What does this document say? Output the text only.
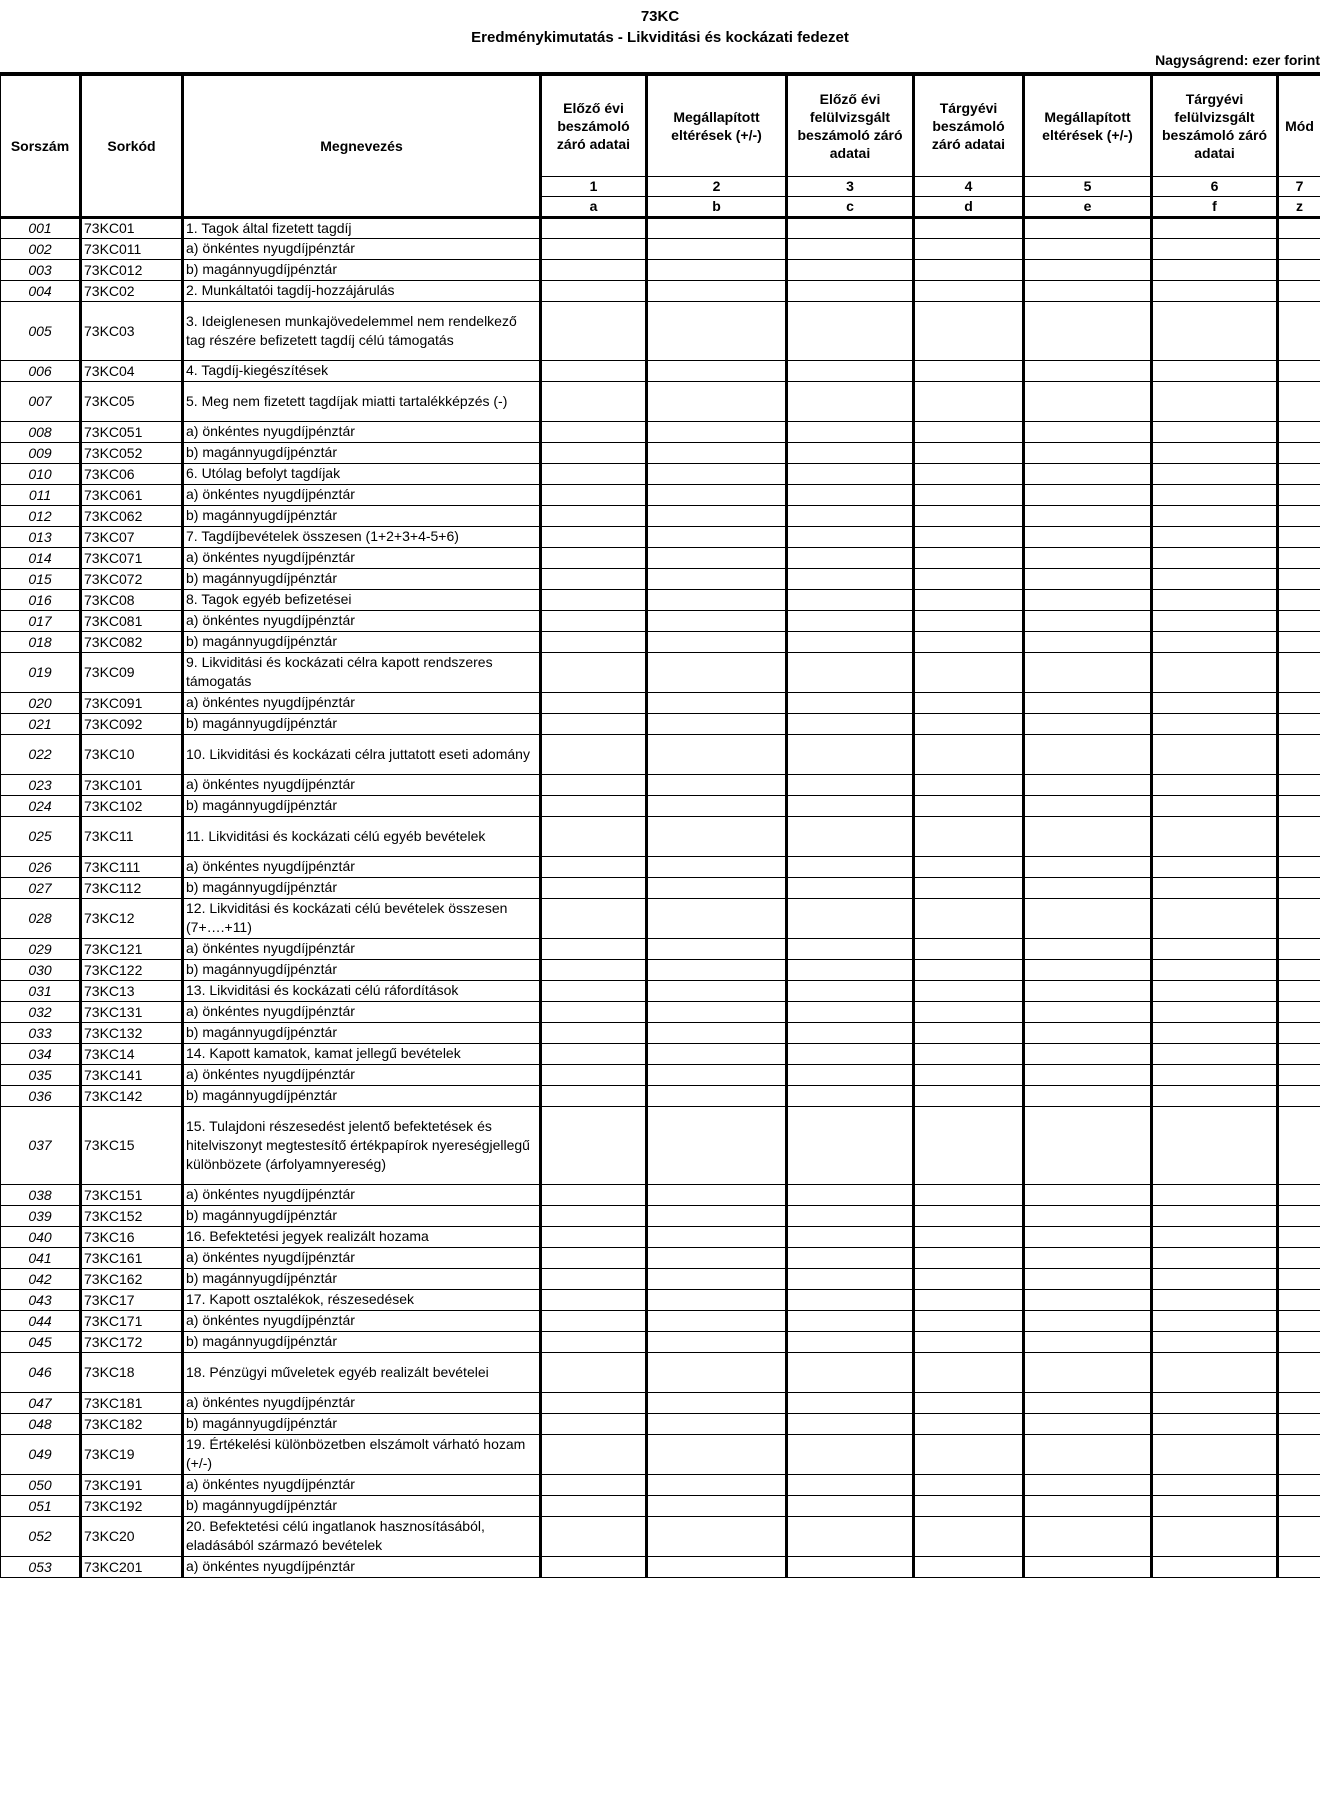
73KC
Eredménykimutatás - Likviditási és kockázati fedezet
Nagyságrend: ezer forint
Sorszám	Sorkód	Megnevezés	Előző évi beszámoló záró adatai	Megállapított eltérések (+/-)	Előző évi felülvizsgált beszámoló záró adatai	Tárgyévi beszámoló záró adatai	Megállapított eltérések (+/-)	Tárgyévi felülvizsgált beszámoló záró adatai	Mód
			1	2	3	4	5	6	7
			a	b	c	d	e	f	z
001	73KC01	1. Tagok által fizetett tagdíj							
002	73KC011	a) önkéntes nyugdíjpénztár							
003	73KC012	b) magánnyugdíjpénztár							
004	73KC02	2. Munkáltatói tagdíj-hozzájárulás							
005	73KC03	3. Ideiglenesen munkajövedelemmel nem rendelkező tag részére befizetett tagdíj célú támogatás							
006	73KC04	4. Tagdíj-kiegészítések							
007	73KC05	5. Meg nem fizetett tagdíjak miatti tartalékképzés (-)							
008	73KC051	a) önkéntes nyugdíjpénztár							
009	73KC052	b) magánnyugdíjpénztár							
010	73KC06	6. Utólag befolyt tagdíjak							
011	73KC061	a) önkéntes nyugdíjpénztár							
012	73KC062	b) magánnyugdíjpénztár							
013	73KC07	7. Tagdíjbevételek összesen (1+2+3+4-5+6)							
014	73KC071	a) önkéntes nyugdíjpénztár							
015	73KC072	b) magánnyugdíjpénztár							
016	73KC08	8. Tagok egyéb befizetései							
017	73KC081	a) önkéntes nyugdíjpénztár							
018	73KC082	b) magánnyugdíjpénztár							
019	73KC09	9. Likviditási és kockázati célra kapott rendszeres támogatás							
020	73KC091	a) önkéntes nyugdíjpénztár							
021	73KC092	b) magánnyugdíjpénztár							
022	73KC10	10. Likviditási és kockázati célra juttatott eseti adomány							
023	73KC101	a) önkéntes nyugdíjpénztár							
024	73KC102	b) magánnyugdíjpénztár							
025	73KC11	11. Likviditási és kockázati célú egyéb bevételek							
026	73KC111	a) önkéntes nyugdíjpénztár							
027	73KC112	b) magánnyugdíjpénztár							
028	73KC12	12. Likviditási és kockázati célú bevételek összesen (7+….+11)							
029	73KC121	a) önkéntes nyugdíjpénztár							
030	73KC122	b) magánnyugdíjpénztár							
031	73KC13	13. Likviditási és kockázati célú ráfordítások							
032	73KC131	a) önkéntes nyugdíjpénztár							
033	73KC132	b) magánnyugdíjpénztár							
034	73KC14	14. Kapott kamatok, kamat jellegű bevételek							
035	73KC141	a) önkéntes nyugdíjpénztár							
036	73KC142	b) magánnyugdíjpénztár							
037	73KC15	15. Tulajdoni részesedést jelentő befektetések és hitelviszonyt megtestesítő értékpapírok nyereségjellegű különbözete (árfolyamnyereség)							
038	73KC151	a) önkéntes nyugdíjpénztár							
039	73KC152	b) magánnyugdíjpénztár							
040	73KC16	16. Befektetési jegyek realizált hozama							
041	73KC161	a) önkéntes nyugdíjpénztár							
042	73KC162	b) magánnyugdíjpénztár							
043	73KC17	17. Kapott osztalékok, részesedések							
044	73KC171	a) önkéntes nyugdíjpénztár							
045	73KC172	b) magánnyugdíjpénztár							
046	73KC18	18. Pénzügyi műveletek egyéb realizált bevételei							
047	73KC181	a) önkéntes nyugdíjpénztár							
048	73KC182	b) magánnyugdíjpénztár							
049	73KC19	19. Értékelési különbözetben elszámolt várható hozam (+/-)							
050	73KC191	a) önkéntes nyugdíjpénztár							
051	73KC192	b) magánnyugdíjpénztár							
052	73KC20	20. Befektetési célú ingatlanok hasznosításából, eladásából származó bevételek							
053	73KC201	a) önkéntes nyugdíjpénztár							
